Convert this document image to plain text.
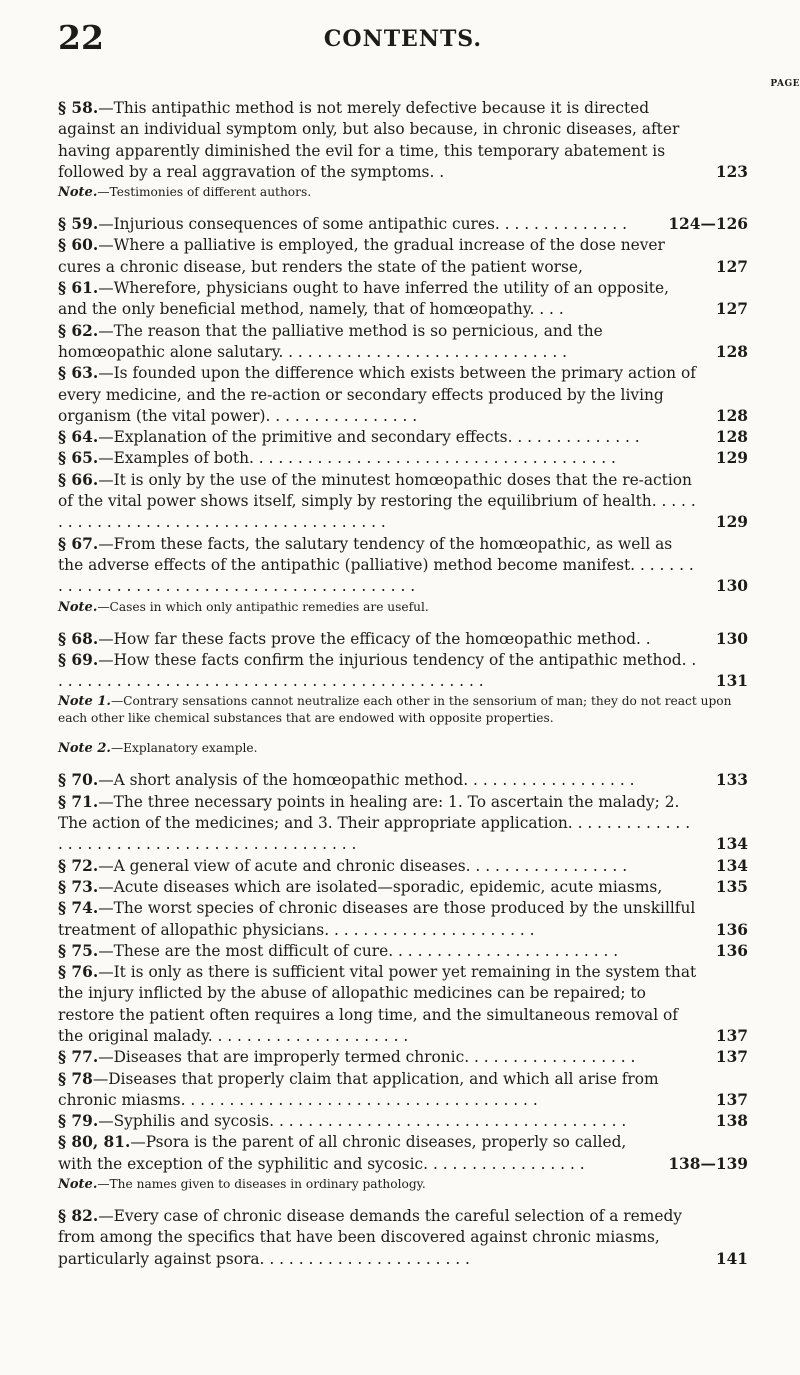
22	CONTENTS.
PAGE
§ 58.—This antipathic method is not merely defective because it is directed against an individual symptom only, but also because, in chronic diseases, after having apparently diminished the evil for a time, this temporary abatement is followed by a real aggravation of the symptoms. .	123
Note.—Testimonies of different authors.
§ 59.—Injurious consequences of some antipathic cures. . . . . . . . . . . . . .	124—126
§ 60.—Where a palliative is employed, the gradual increase of the dose never cures a chronic disease, but renders the state of the patient worse,	127
§ 61.—Wherefore, physicians ought to have inferred the utility of an opposite, and the only beneficial method, namely, that of homœopathy. . . .	127
§ 62.—The reason that the palliative method is so pernicious, and the homœopathic alone salutary. . . . . . . . . . . . . . . . . . . . . . . . . . . . . .	128
§ 63.—Is founded upon the difference which exists between the primary action of every medicine, and the re-action or secondary effects produced by the living organism (the vital power). . . . . . . . . . . . . . . .	128
§ 64.—Explanation of the primitive and secondary effects. . . . . . . . . . . . . .	128
§ 65.—Examples of both. . . . . . . . . . . . . . . . . . . . . . . . . . . . . . . . . . . . . .	129
§ 66.—It is only by the use of the minutest homœopathic doses that the re-action of the vital power shows itself, simply by restoring the equilibrium of health. . . . . . . . . . . . . . . . . . . . . . . . . . . . . . . . . . . . . . .	129
§ 67.—From these facts, the salutary tendency of the homœopathic, as well as the adverse effects of the antipathic (palliative) method become manifest. . . . . . . . . . . . . . . . . . . . . . . . . . . . . . . . . . . . . . . . . . . .	130
Note.—Cases in which only antipathic remedies are useful.
§ 68.—How far these facts prove the efficacy of the homœopathic method. .	130
§ 69.—How these facts confirm the injurious tendency of the antipathic method. . . . . . . . . . . . . . . . . . . . . . . . . . . . . . . . . . . . . . . . . . . . . .	131
Note 1.—Contrary sensations cannot neutralize each other in the sensorium of man; they do not react upon each other like chemical substances that are endowed with opposite properties.
Note 2.—Explanatory example.
§ 70.—A short analysis of the homœopathic method. . . . . . . . . . . . . . . . . .	133
§ 71.—The three necessary points in healing are: 1. To ascertain the malady; 2. The action of the medicines; and 3. Their appropriate application. . . . . . . . . . . . . . . . . . . . . . . . . . . . . . . . . . . . . . . . . . . .	134
§ 72.—A general view of acute and chronic diseases. . . . . . . . . . . . . . . . .	134
§ 73.—Acute diseases which are isolated—sporadic, epidemic, acute miasms,	135
§ 74.—The worst species of chronic diseases are those produced by the unskillful treatment of allopathic physicians. . . . . . . . . . . . . . . . . . . . . .	136
§ 75.—These are the most difficult of cure. . . . . . . . . . . . . . . . . . . . . . . .	136
§ 76.—It is only as there is sufficient vital power yet remaining in the system that the injury inflicted by the abuse of allopathic medicines can be repaired; to restore the patient often requires a long time, and the simultaneous removal of the original malady. . . . . . . . . . . . . . . . . . . . .	137
§ 77.—Diseases that are improperly termed chronic. . . . . . . . . . . . . . . . . .	137
§ 78—Diseases that properly claim that application, and which all arise from chronic miasms. . . . . . . . . . . . . . . . . . . . . . . . . . . . . . . . . . . . .	137
§ 79.—Syphilis and sycosis. . . . . . . . . . . . . . . . . . . . . . . . . . . . . . . . . . . . .	138
§ 80, 81.—Psora is the parent of all chronic diseases, properly so called, with the exception of the syphilitic and sycosic. . . . . . . . . . . . . . . . .	138—139
Note.—The names given to diseases in ordinary pathology.
§ 82.—Every case of chronic disease demands the careful selection of a remedy from among the specifics that have been discovered against chronic miasms, particularly against psora. . . . . . . . . . . . . . . . . . . . . .	141
